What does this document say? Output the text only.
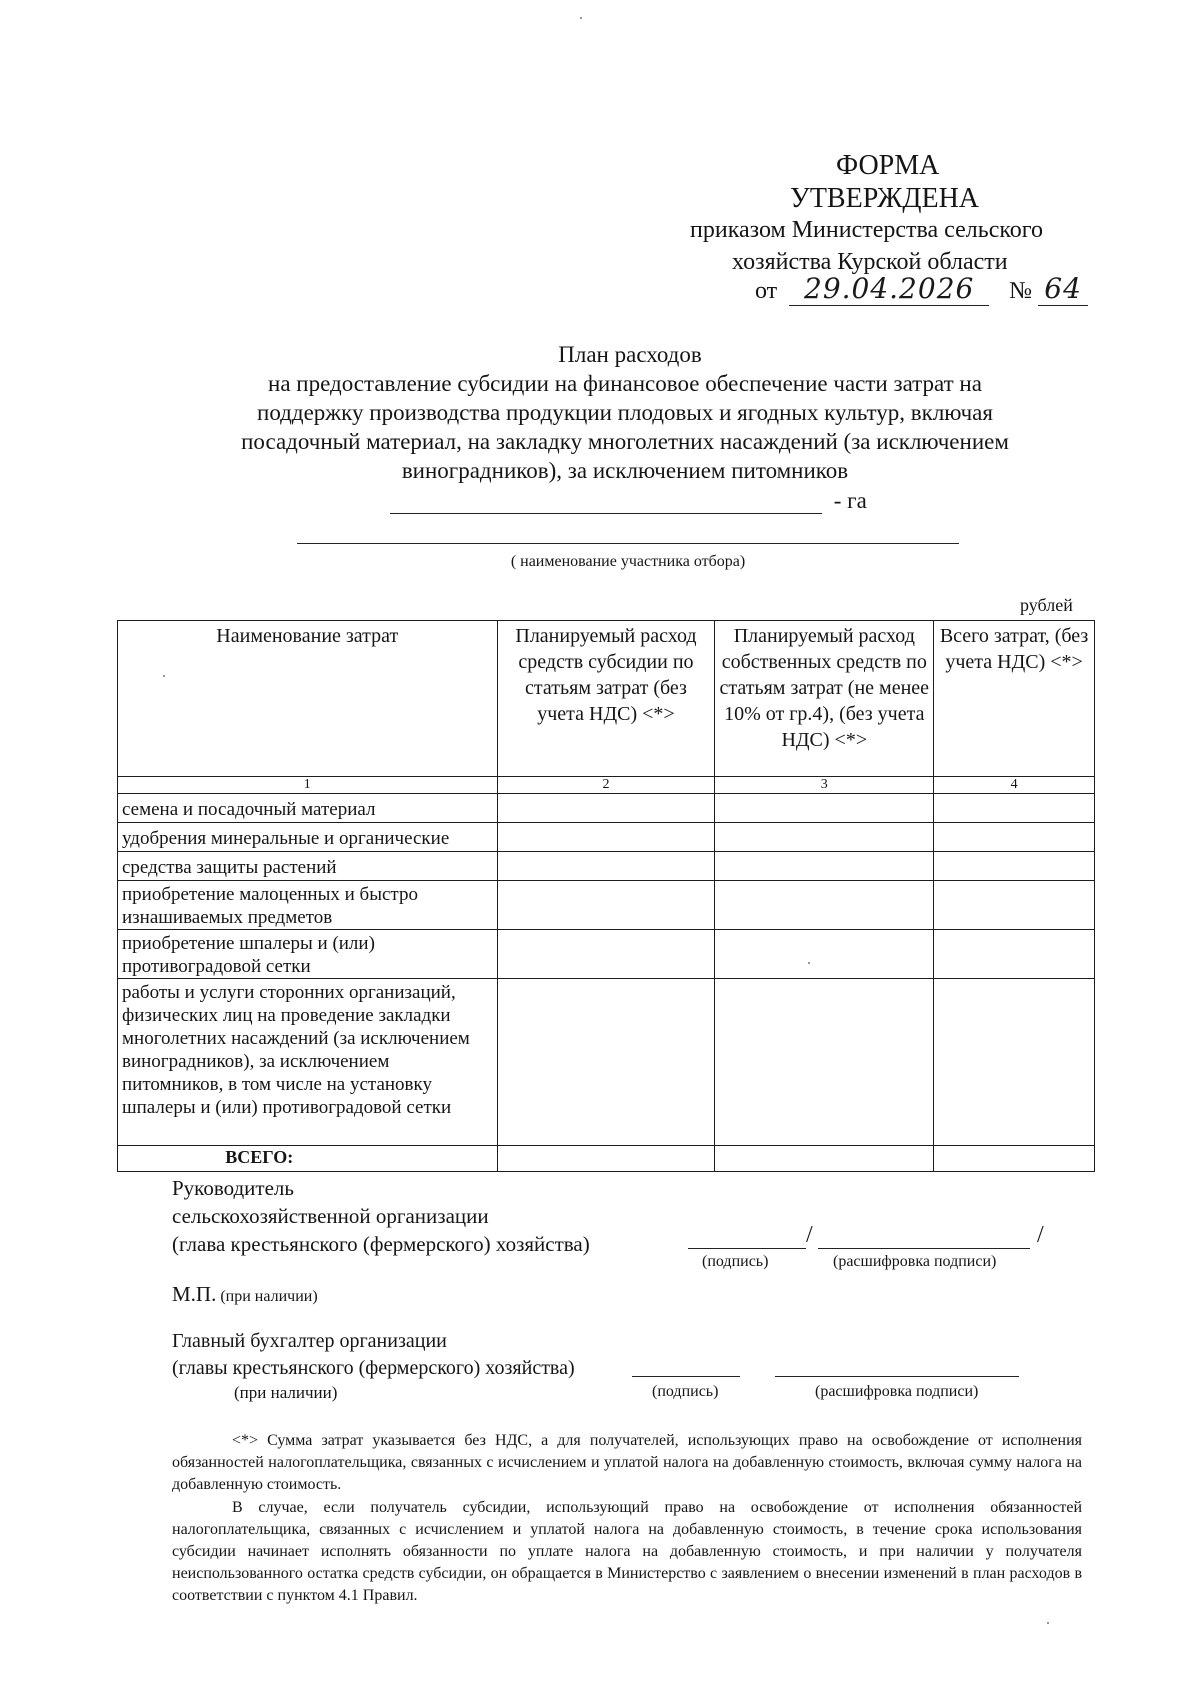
ФОРМА
УТВЕРЖДЕНА
приказом Министерства сельского
хозяйства Курской области
от 29.04.2026 № 64
План расходов
на предоставление субсидии на финансовое обеспечение части затрат на
поддержку производства продукции плодовых и ягодных культур, включая
посадочный материал, на закладку многолетних насаждений (за исключением
виноградников), за исключением питомников
- га
( наименование участника отбора)
рублей
Наименование затрат	Планируемый расход средств субсидии по статьям затрат (без учета НДС) <*>	Планируемый расход собственных средств по статьям затрат (не менее 10% от гр.4), (без учета НДС) <*>	Всего затрат, (без учета НДС) <*>
1	2	3	4
семена и посадочный материал			
удобрения минеральные и органические			
средства защиты растений			
приобретение малоценных и быстро изнашиваемых предметов			
приобретение шпалеры и (или) противоградовой сетки			
работы и услуги сторонних организаций, физических лиц на проведение закладки многолетних насаждений (за исключением виноградников), за исключением питомников, в том числе на установку шпалеры и (или) противоградовой сетки			
ВСЕГО:			
Руководитель
сельскохозяйственной организации
(глава крестьянского (фермерского) хозяйства)	/	/
(подпись)	(расшифровка подписи)
М.П. (при наличии)
Главный бухгалтер организации
(главы крестьянского (фермерского) хозяйства)
(при наличии)	(подпись)	(расшифровка подписи)

<*> Сумма затрат указывается без НДС, а для получателей, использующих право на освобождение от исполнения обязанностей налогоплательщика, связанных с исчислением и уплатой налога на добавленную стоимость, включая сумму налога на добавленную стоимость.

В случае, если получатель субсидии, использующий право на освобождение от исполнения обязанностей налогоплательщика, связанных с исчислением и уплатой налога на добавленную стоимость, в течение срока использования субсидии начинает исполнять обязанности по уплате налога на добавленную стоимость, и при наличии у получателя неиспользованного остатка средств субсидии, он обращается в Министерство с заявлением о внесении изменений в план расходов в соответствии с пунктом 4.1 Правил.
